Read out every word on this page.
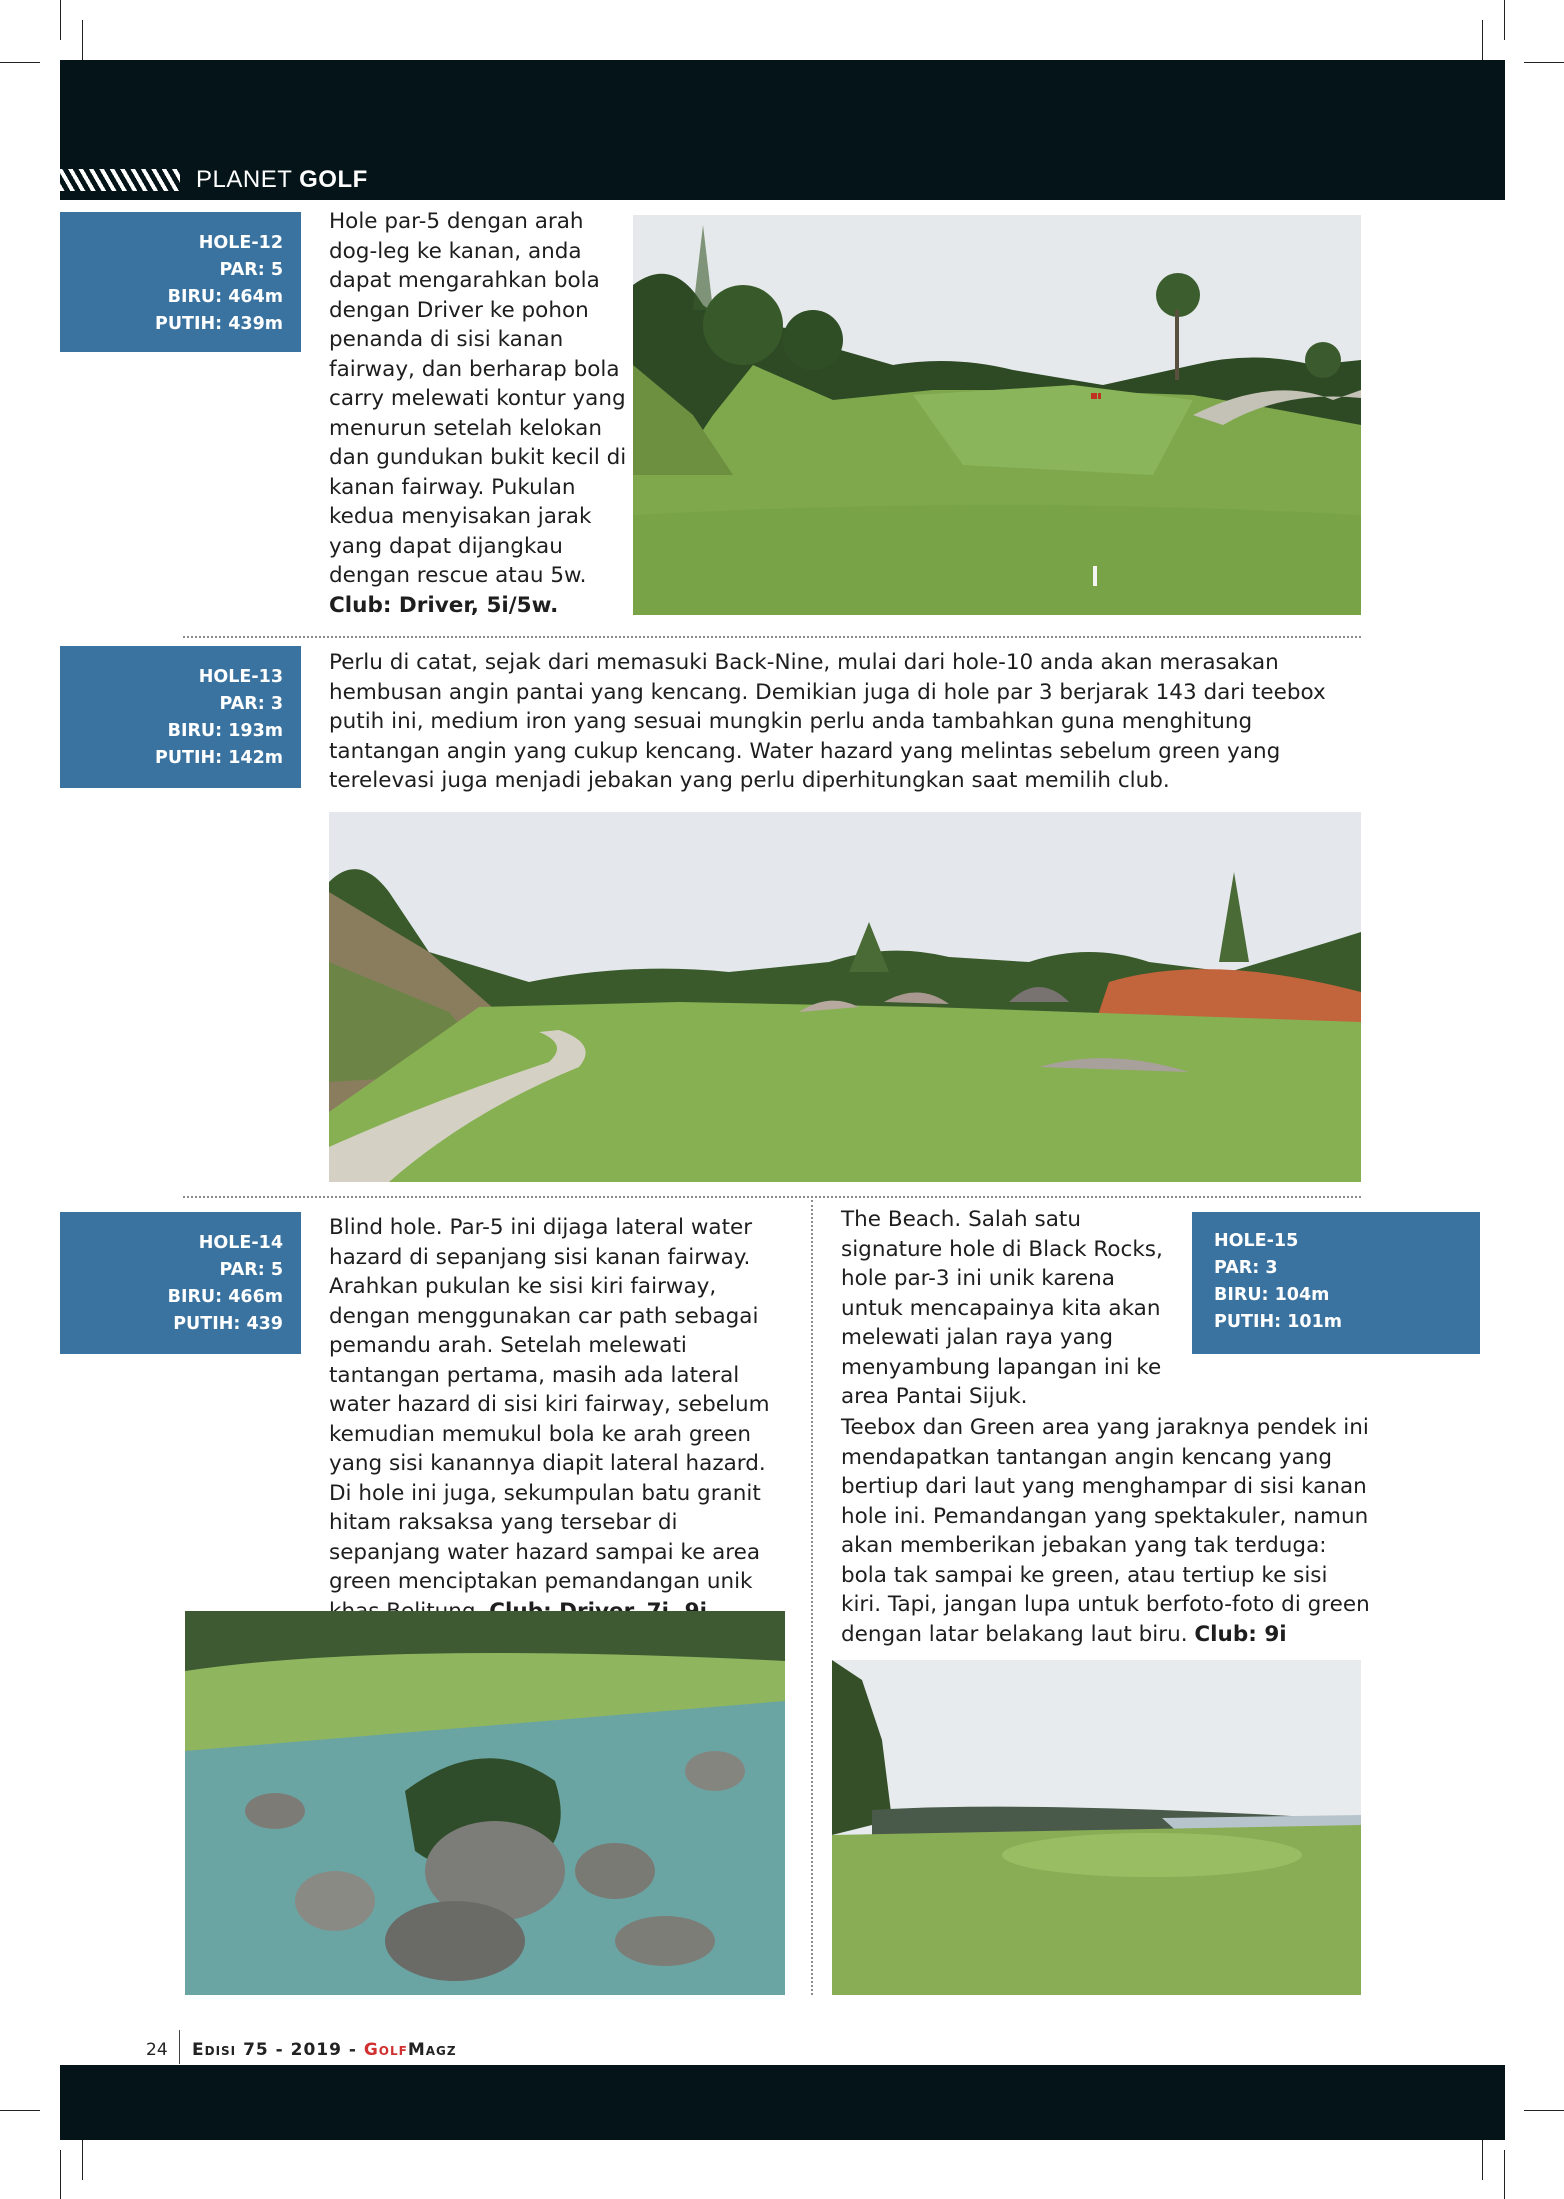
PLANET GOLF
HOLE-12
PAR: 5
BIRU: 464m
PUTIH: 439m
Hole par-5 dengan arah dog-leg ke kanan, anda dapat mengarahkan bola dengan Driver ke pohon penanda di sisi kanan fairway, dan berharap bola carry melewati kontur yang menurun setelah kelokan dan gundukan bukit kecil di kanan fairway. Pukulan kedua menyisakan jarak yang dapat dijangkau dengan rescue atau 5w. Club: Driver, 5i/5w.
HOLE-13
PAR: 3
BIRU: 193m
PUTIH: 142m
Perlu di catat, sejak dari memasuki Back-Nine, mulai dari hole-10 anda akan merasakan hembusan angin pantai yang kencang. Demikian juga di hole par 3 berjarak 143 dari teebox putih ini, medium iron yang sesuai mungkin perlu anda tambahkan guna menghitung tantangan angin yang cukup kencang. Water hazard yang melintas sebelum green yang terelevasi juga menjadi jebakan yang perlu diperhitungkan saat memilih club.
HOLE-14
PAR: 5
BIRU: 466m
PUTIH: 439
Blind hole. Par-5 ini dijaga lateral water hazard di sepanjang sisi kanan fairway. Arahkan pukulan ke sisi kiri fairway, dengan menggunakan car path sebagai pemandu arah. Setelah melewati tantangan pertama, masih ada lateral water hazard di sisi kiri fairway, sebelum kemudian memukul bola ke arah green yang sisi kanannya diapit lateral hazard. Di hole ini juga, sekumpulan batu granit hitam raksaksa yang tersebar di sepanjang water hazard sampai ke area green menciptakan pemandangan unik
The Beach. Salah satu signature hole di Black Rocks, hole par-3 ini unik karena untuk mencapainya kita akan melewati jalan raya yang menyambung lapangan ini ke area Pantai Sijuk.
HOLE-15
PAR: 3
BIRU: 104m
PUTIH: 101m
Teebox dan Green area yang jaraknya pendek ini mendapatkan tantangan angin kencang yang bertiup dari laut yang menghampar di sisi kanan hole ini. Pemandangan yang spektakuler, namun akan memberikan jebakan yang tak terduga: bola tak sampai ke green, atau tertiup ke sisi kiri. Tapi, jangan lupa untuk berfoto-foto di green dengan latar belakang laut biru. Club: 9i
24 Edisi 75 - 2019 - GolfMagz
